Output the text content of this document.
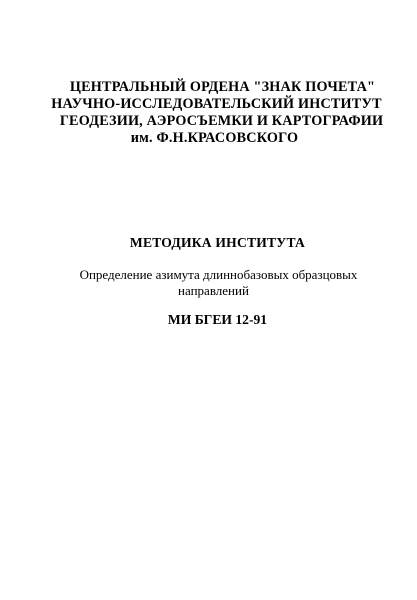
ЦЕНТРАЛЬНЫЙ ОРДЕНА "ЗНАК ПОЧЕТА"
НАУЧНО-ИССЛЕДОВАТЕЛЬСКИЙ ИНСТИТУТ
ГЕОДЕЗИИ, АЭРОСЪЕМКИ И КАРТОГРАФИИ
им. Ф.Н.КРАСОВСКОГО
МЕТОДИКА ИНСТИТУТА
Определение азимута длиннобазовых образцовых
направлений
МИ БГЕИ 12-91
